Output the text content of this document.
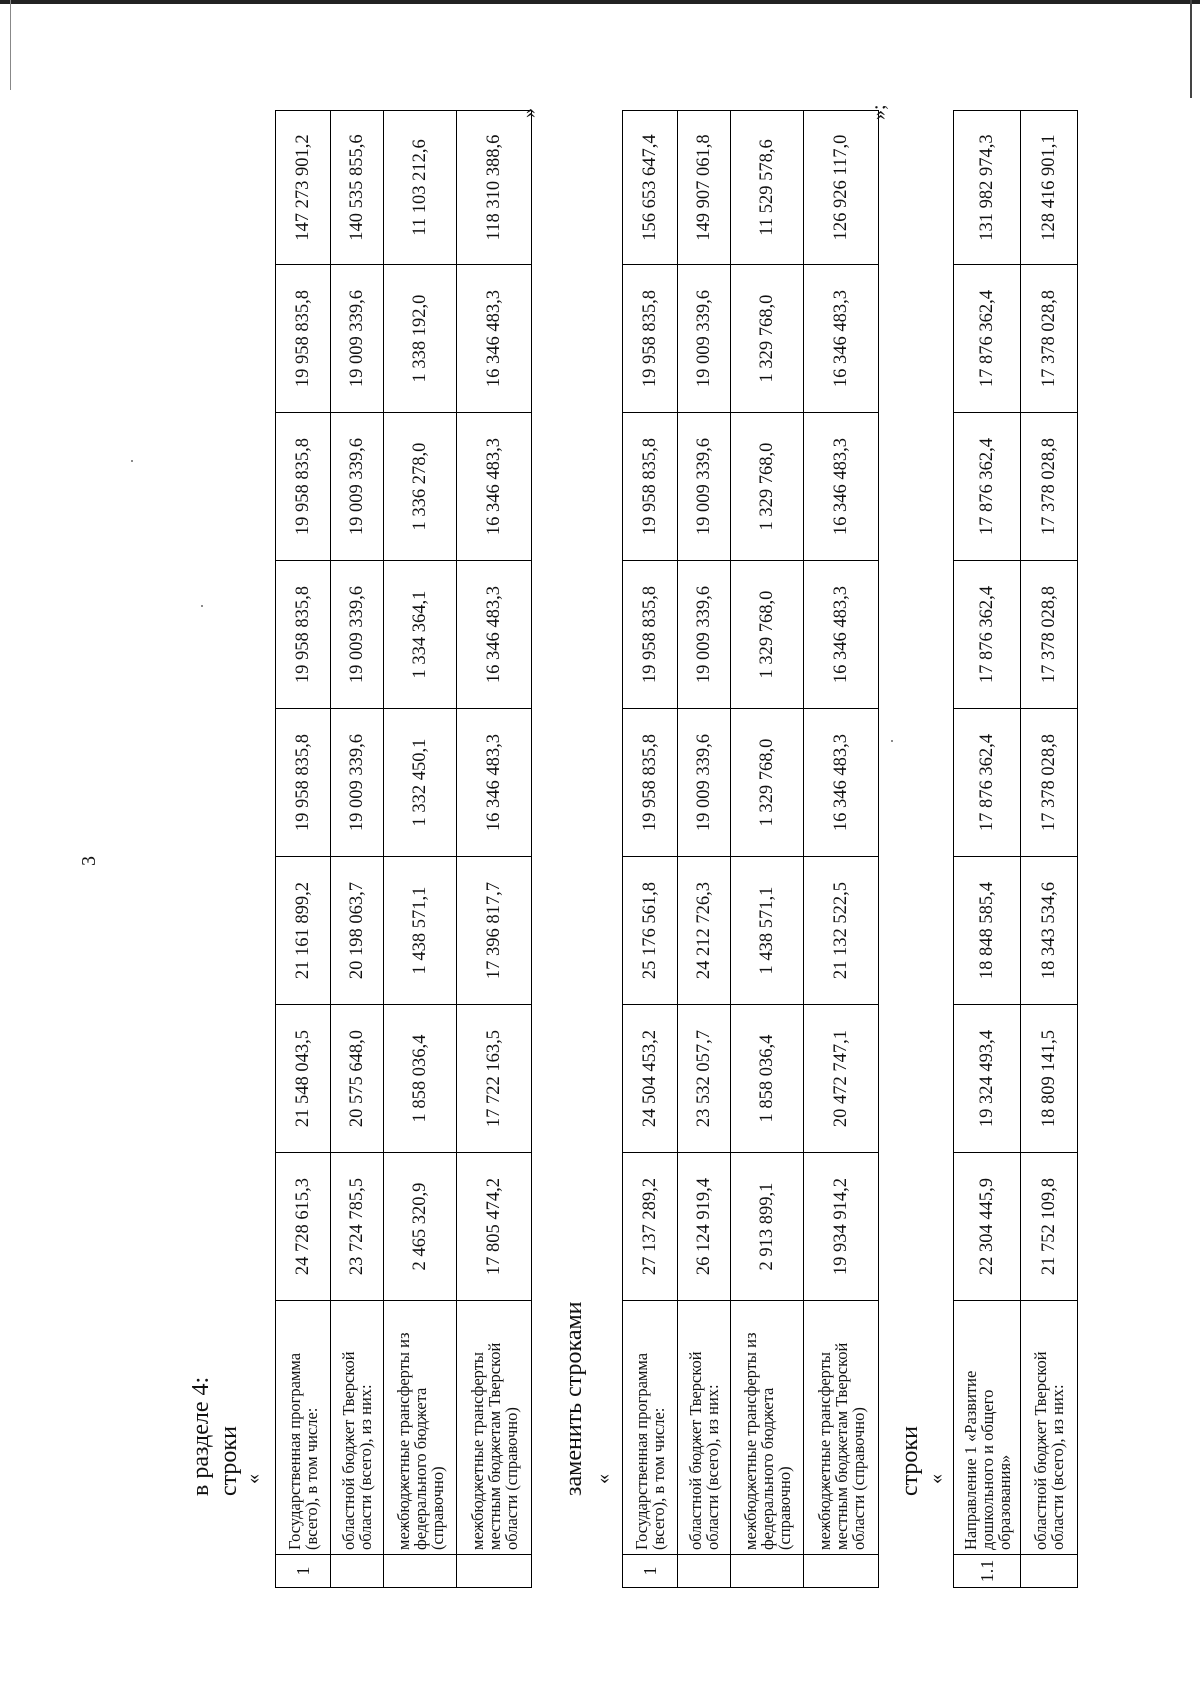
3
в разделе 4: строки «
1	Государственная программа (всего), в том числе:	24 728 615,3	21 548 043,5	21 161 899,2	19 958 835,8	19 958 835,8	19 958 835,8	19 958 835,8	147 273 901,2
	областной бюджет Тверской области (всего), из них:	23 724 785,5	20 575 648,0	20 198 063,7	19 009 339,6	19 009 339,6	19 009 339,6	19 009 339,6	140 535 855,6
	межбюджетные трансферты из федерального бюджета (справочно)	2 465 320,9	1 858 036,4	1 438 571,1	1 332 450,1	1 334 364,1	1 336 278,0	1 338 192,0	11 103 212,6
	межбюджетные трансферты местным бюджетам Тверской области (справочно)	17 805 474,2	17 722 163,5	17 396 817,7	16 346 483,3	16 346 483,3	16 346 483,3	16 346 483,3	118 310 388,6
»
заменить строками «
1	Государственная программа (всего), в том числе:	27 137 289,2	24 504 453,2	25 176 561,8	19 958 835,8	19 958 835,8	19 958 835,8	19 958 835,8	156 653 647,4
	областной бюджет Тверской области (всего), из них:	26 124 919,4	23 532 057,7	24 212 726,3	19 009 339,6	19 009 339,6	19 009 339,6	19 009 339,6	149 907 061,8
	межбюджетные трансферты из федерального бюджета (справочно)	2 913 899,1	1 858 036,4	1 438 571,1	1 329 768,0	1 329 768,0	1 329 768,0	1 329 768,0	11 529 578,6
	межбюджетные трансферты местным бюджетам Тверской области (справочно)	19 934 914,2	20 472 747,1	21 132 522,5	16 346 483,3	16 346 483,3	16 346 483,3	16 346 483,3	126 926 117,0
»;
строки «
1.1	Направление 1 «Развитие дошкольного и общего образования»	22 304 445,9	19 324 493,4	18 848 585,4	17 876 362,4	17 876 362,4	17 876 362,4	17 876 362,4	131 982 974,3
	областной бюджет Тверской области (всего), из них:	21 752 109,8	18 809 141,5	18 343 534,6	17 378 028,8	17 378 028,8	17 378 028,8	17 378 028,8	128 416 901,1
